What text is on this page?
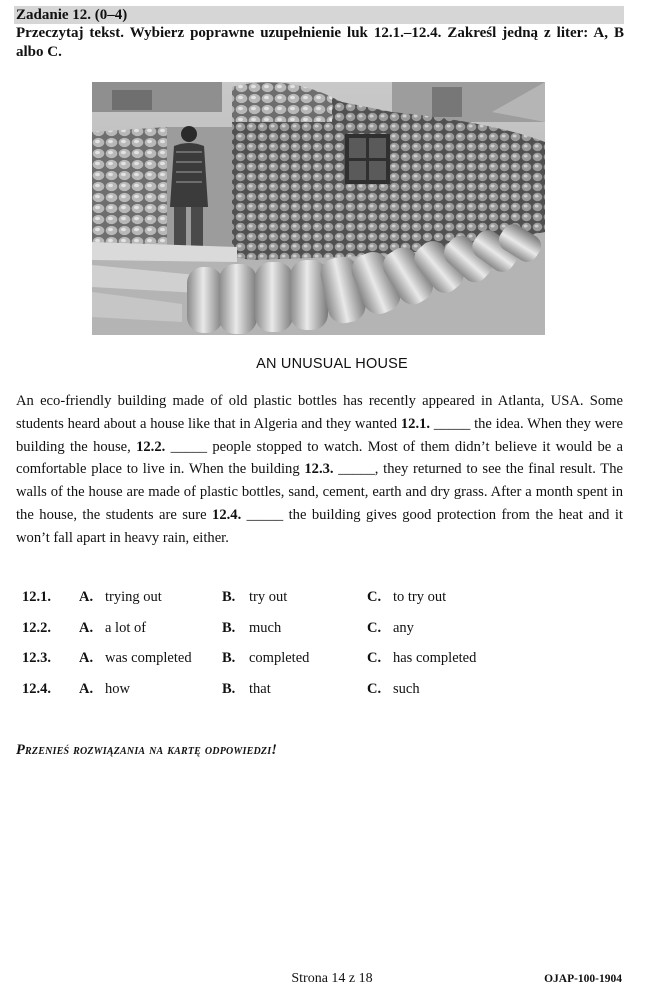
Zadanie 12. (0–4)
Przeczytaj tekst. Wybierz poprawne uzupełnienie luk 12.1.–12.4. Zakreśl jedną z liter: A, B albo C.
AN UNUSUAL HOUSE

An eco-friendly building made of old plastic bottles has recently appeared in Atlanta, USA. Some students heard about a house like that in Algeria and they wanted 12.1. _____ the idea. When they were building the house, 12.2. _____ people stopped to watch. Most of them didn’t believe it would be a comfortable place to live in. When the building 12.3. _____, they returned to see the final result. The walls of the house are made of plastic bottles, sand, cement, earth and dry grass. After a month spent in the house, the students are sure 12.4. _____ the building gives good protection from the heat and it won’t fall apart in heavy rain, either.

12.1. A. trying out	B. try out	C. to try out
12.2. A. a lot of	B. much	C. any
12.3. A. was completed B. completed	C. has completed
12.4. A. how	B. that	C. such
Przenieś rozwiązania na kartę odpowiedzi!
Strona 14 z 18	OJAP-100-1904
